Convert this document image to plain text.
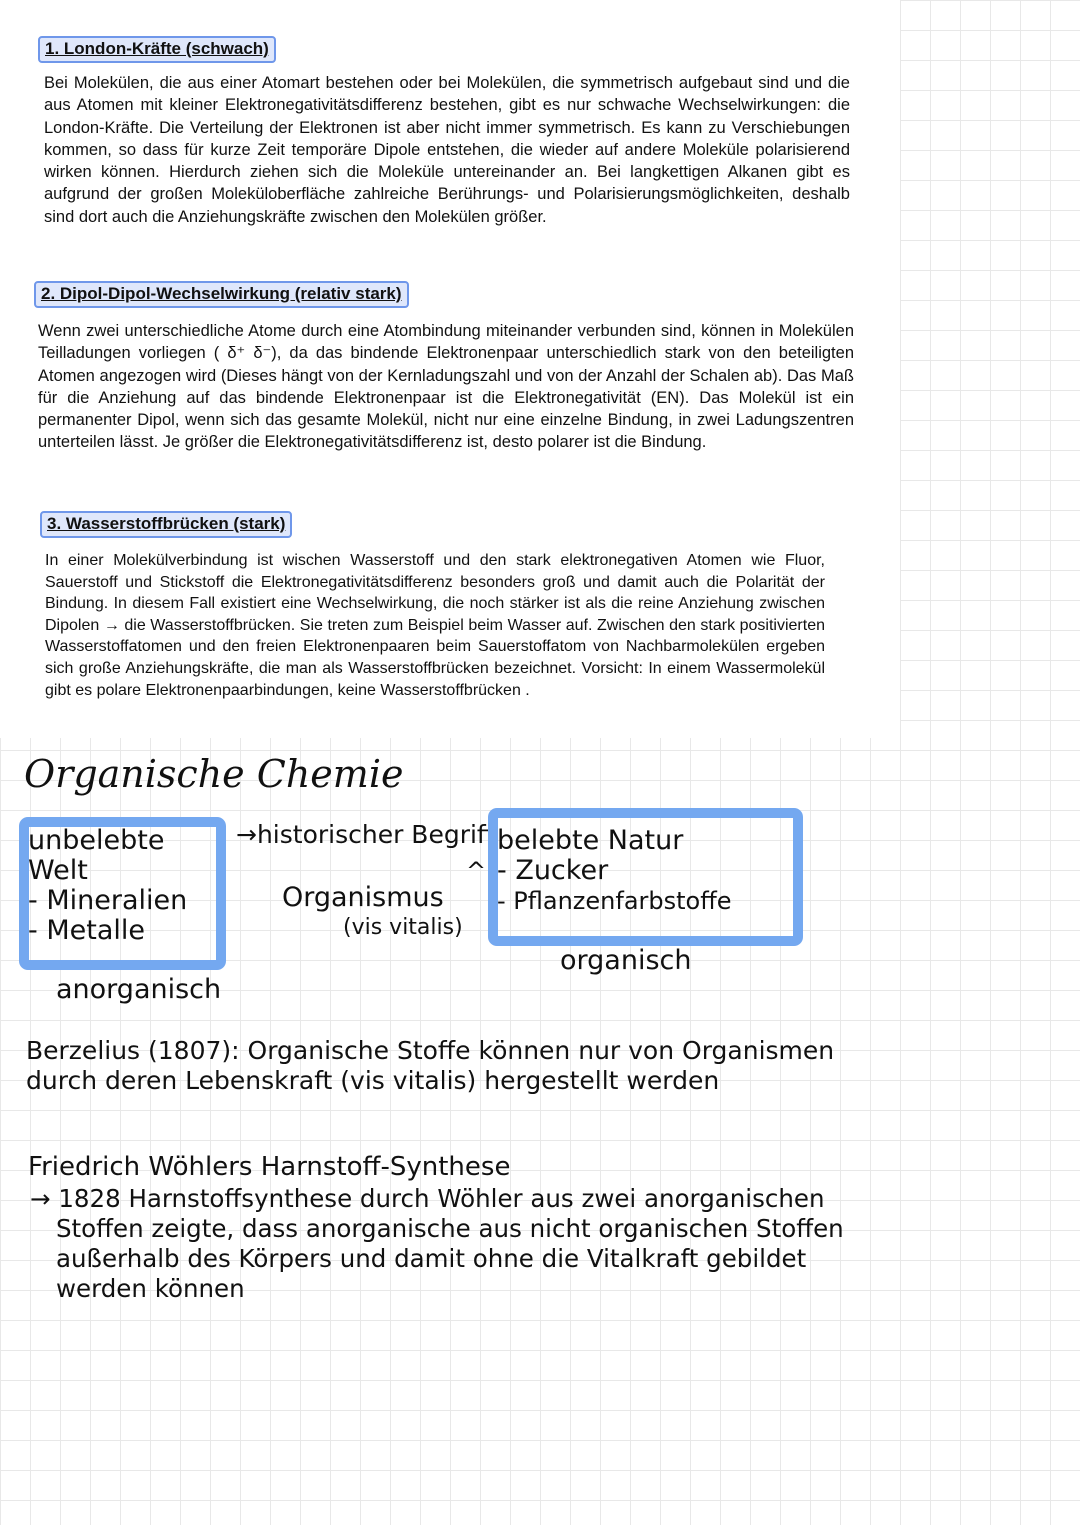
1. London-Kräfte (schwach)

Bei Molekülen, die aus einer Atomart bestehen oder bei Molekülen, die symmetrisch aufgebaut sind und die aus Atomen mit kleiner Elektronegativitätsdifferenz bestehen, gibt es nur schwache Wechselwirkungen: die London-Kräfte. Die Verteilung der Elektronen ist aber nicht immer symmetrisch. Es kann zu Verschiebungen kommen, so dass für kurze Zeit temporäre Dipole entstehen, die wieder auf andere Moleküle polarisierend wirken können. Hierdurch ziehen sich die Moleküle untereinander an. Bei langkettigen Alkanen gibt es aufgrund der großen Moleküloberfläche zahlreiche Berührungs- und Polarisierungsmöglichkeiten, deshalb sind dort auch die Anziehungskräfte zwischen den Molekülen größer.

2. Dipol-Dipol-Wechselwirkung (relativ stark)

Wenn zwei unterschiedliche Atome durch eine Atombindung miteinander verbunden sind, können in Molekülen Teilladungen vorliegen ( δ⁺ δ⁻), da das bindende Elektronenpaar unterschiedlich stark von den beteiligten Atomen angezogen wird (Dieses hängt von der Kernladungszahl und von der Anzahl der Schalen ab). Das Maß für die Anziehung auf das bindende Elektronenpaar ist die Elektronegativität (EN). Das Molekül ist ein permanenter Dipol, wenn sich das gesamte Molekül, nicht nur eine einzelne Bindung, in zwei Ladungszentren unterteilen lässt. Je größer die Elektronegativitätsdifferenz ist, desto polarer ist die Bindung.

3. Wasserstoffbrücken (stark)

In einer Molekülverbindung ist wischen Wasserstoff und den stark elektronegativen Atomen wie Fluor, Sauerstoff und Stickstoff die Elektronegativitätsdifferenz besonders groß und damit auch die Polarität der Bindung. In diesem Fall existiert eine Wechselwirkung, die noch stärker ist als die reine Anziehung zwischen Dipolen → die Wasserstoffbrücken. Sie treten zum Beispiel beim Wasser auf. Zwischen den stark positivierten Wasserstoffatomen und den freien Elektronenpaaren beim Sauerstoffatom von Nachbarmolekülen ergeben sich große Anziehungskräfte, die man als Wasserstoffbrücken bezeichnet. Vorsicht: In einem Wassermolekül gibt es polare Elektronenpaarbindungen, keine Wasserstoffbrücken .

Organische Chemie
unbelebte
Welt
- Mineralien
- Metalle
anorganisch
→historischer Begriff
^
Organismus
(vis vitalis)
belebte Natur
- Zucker
- Pflanzenfarbstoffe
organisch
Berzelius (1807): Organische Stoffe können nur von Organismen
durch deren Lebenskraft (vis vitalis) hergestellt werden
Friedrich Wöhlers Harnstoff-Synthese
→ 1828 Harnstoffsynthese durch Wöhler aus zwei anorganischen
Stoffen zeigte, dass anorganische aus nicht organischen Stoffen
außerhalb des Körpers und damit ohne die Vitalkraft gebildet
werden können
